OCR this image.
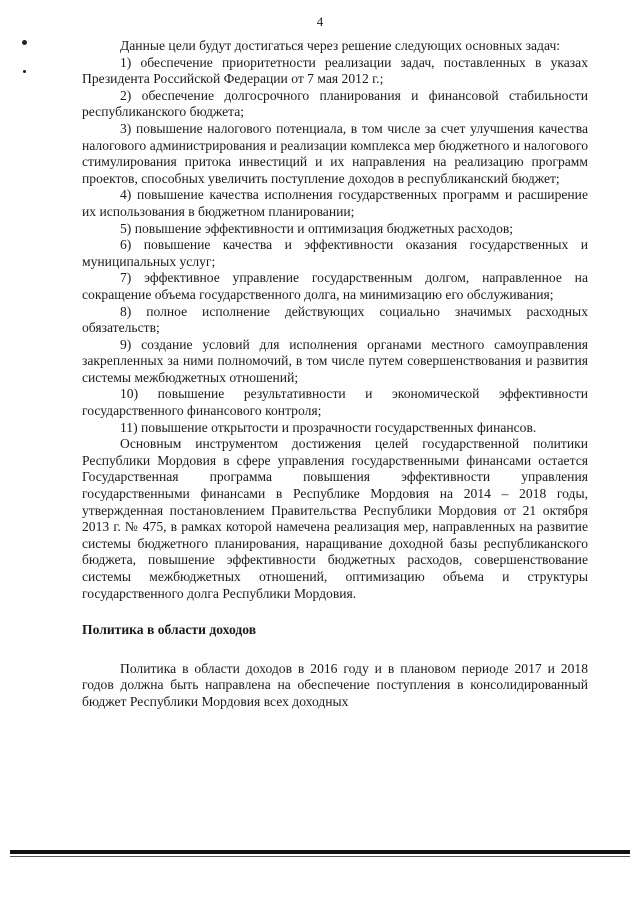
4

Данные цели будут достигаться через решение следующих основных задач:

1) обеспечение приоритетности реализации задач, поставленных в указах Президента Российской Федерации от 7 мая 2012 г.;

2) обеспечение долгосрочного планирования и финансовой стабильности республиканского бюджета;

3) повышение налогового потенциала, в том числе за счет улучшения качества налогового администрирования и реализации комплекса мер бюджетного и налогового стимулирования притока инвестиций и их направления на реализацию программ проектов, способных увеличить поступление доходов в республиканский бюджет;

4) повышение качества исполнения государственных программ и расширение их использования в бюджетном планировании;

5) повышение эффективности и оптимизация бюджетных расходов;

6) повышение качества и эффективности оказания государственных и муниципальных услуг;

7) эффективное управление государственным долгом, направленное на сокращение объема государственного долга, на минимизацию его обслуживания;

8) полное исполнение действующих социально значимых расходных обязательств;

9) создание условий для исполнения органами местного самоуправления закрепленных за ними полномочий, в том числе путем совершенствования и развития системы межбюджетных отношений;

10) повышение результативности и экономической эффективности государственного финансового контроля;

11) повышение открытости и прозрачности государственных финансов.

Основным инструментом достижения целей государственной политики Республики Мордовия в сфере управления государственными финансами остается Государственная программа повышения эффективности управления государственными финансами в Республике Мордовия на 2014 – 2018 годы, утвержденная постановлением Правительства Республики Мордовия от 21 октября 2013 г. № 475, в рамках которой намечена реализация мер, направленных на развитие системы бюджетного планирования, наращивание доходной базы республиканского бюджета, повышение эффективности бюджетных расходов, совершенствование системы межбюджетных отношений, оптимизацию объема и структуры государственного долга Республики Мордовия.

Политика в области доходов

Политика в области доходов в 2016 году и в плановом периоде 2017 и 2018 годов должна быть направлена на обеспечение поступления в консолидированный бюджет Республики Мордовия всех доходных
